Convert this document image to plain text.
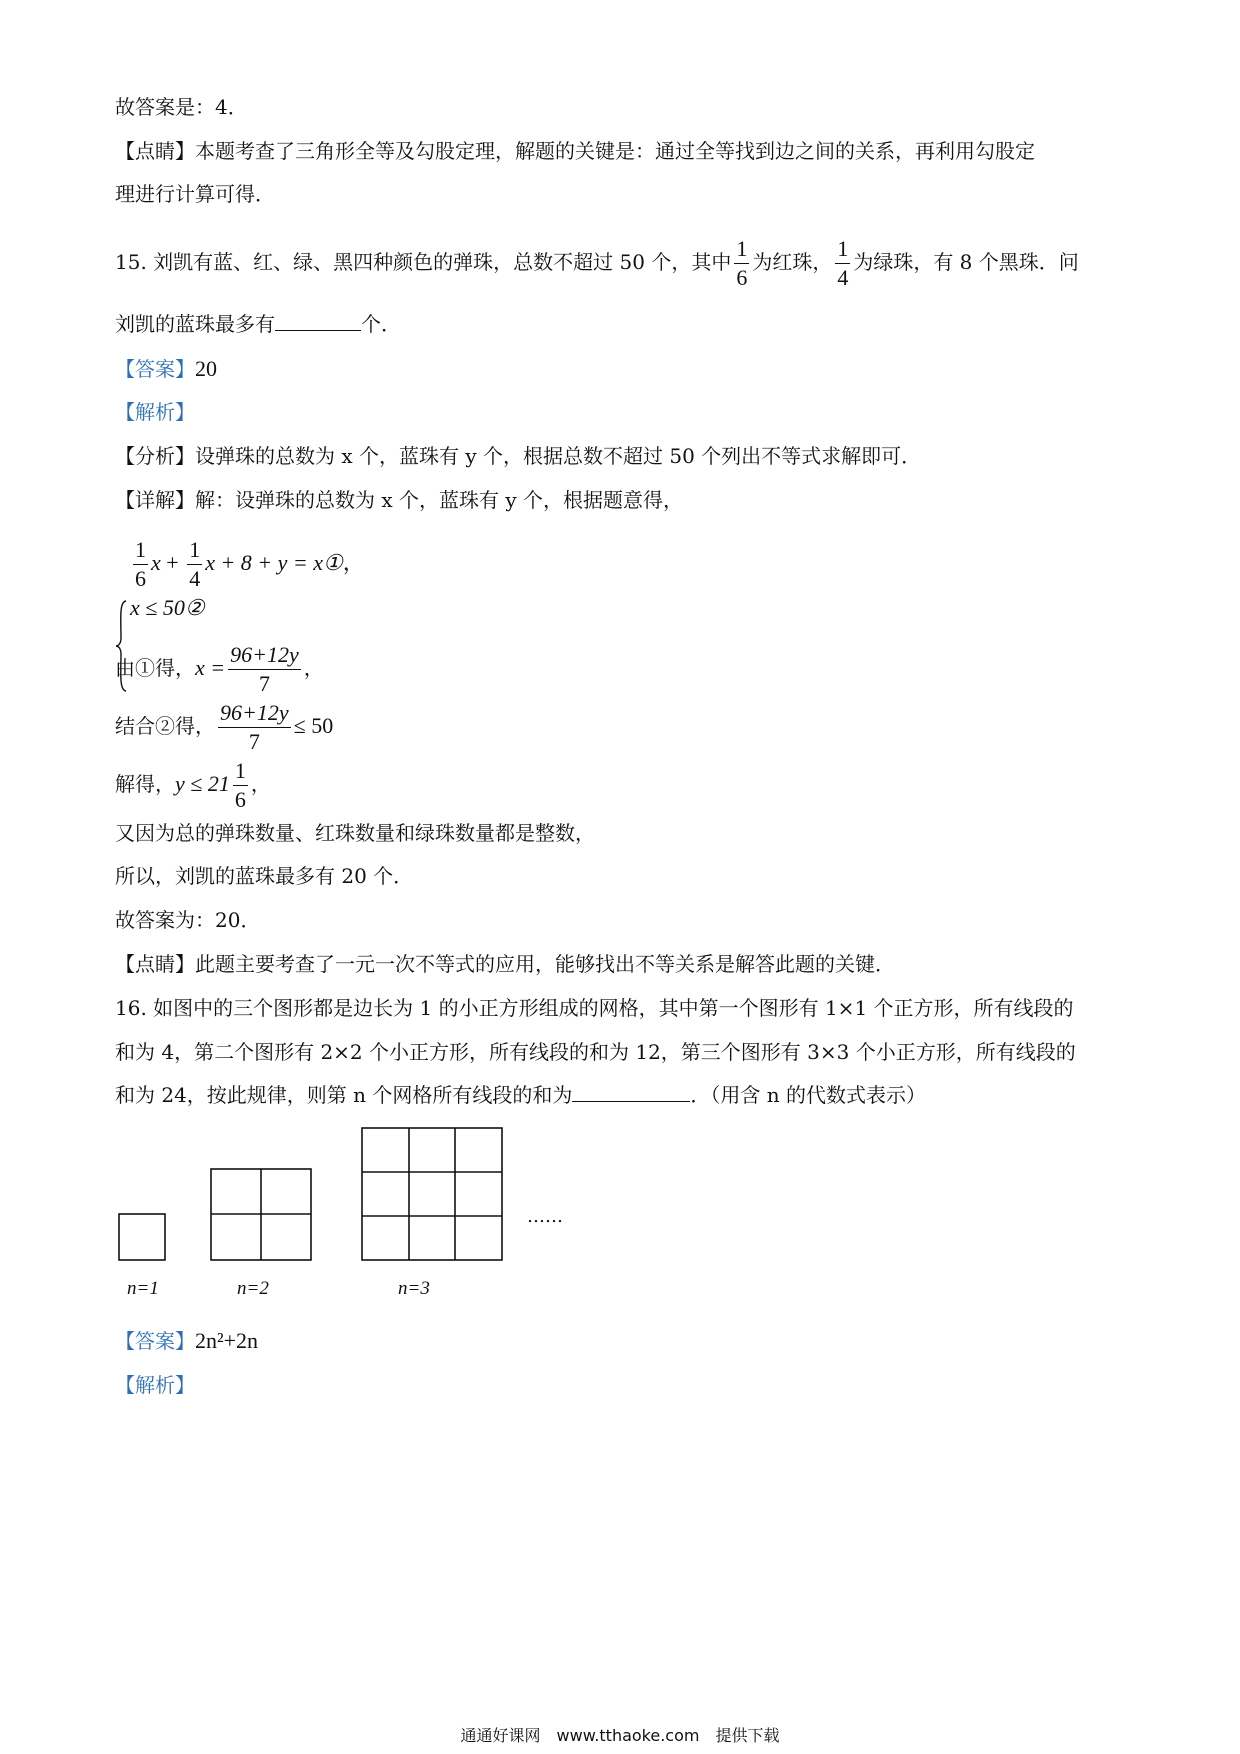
故答案是：4．
【点睛】本题考查了三角形全等及勾股定理，解题的关键是：通过全等找到边之间的关系，再利用勾股定
理进行计算可得．
15. 刘凯有蓝、红、绿、黑四种颜色的弹珠，总数不超过 50 个，其中 $\frac{1}{6}$ 为红珠， $\frac{1}{4}$ 为绿珠，有 8 个黑珠．问
刘凯的蓝珠最多有	个．
【答案】20
【解析】
【分析】设弹珠的总数为 x 个，蓝珠有 y 个，根据总数不超过 50 个列出不等式求解即可．
【详解】解：设弹珠的总数为 x 个，蓝珠有 y 个，根据题意得，
$\frac{1}{6}$ $x + \frac{1}{4}$ x + 8 + y = x①，
x ≤ 50②
由①得，$x = \frac{96+12y}{7}$ ，
结合②得， $\frac{96+12y}{7} \le 50$
解得，$y \le 21 \frac{1}{6}$ ，
又因为总的弹珠数量、红珠数量和绿珠数量都是整数，
所以，刘凯的蓝珠最多有 20 个．
故答案为：20．
【点睛】此题主要考查了一元一次不等式的应用，能够找出不等关系是解答此题的关键．
16. 如图中的三个图形都是边长为 1 的小正方形组成的网格，其中第一个图形有 1×1 个正方形，所有线段的
和为 4，第二个图形有 2×2 个小正方形，所有线段的和为 12，第三个图形有 3×3 个小正方形，所有线段的
和为 24，按此规律，则第 n 个网格所有线段的和为	．（用含 n 的代数式表示）
……
n=1	n=2	n=3
【答案】2n²+2n
【解析】
通通好课网　www.tthaoke.com　提供下载
